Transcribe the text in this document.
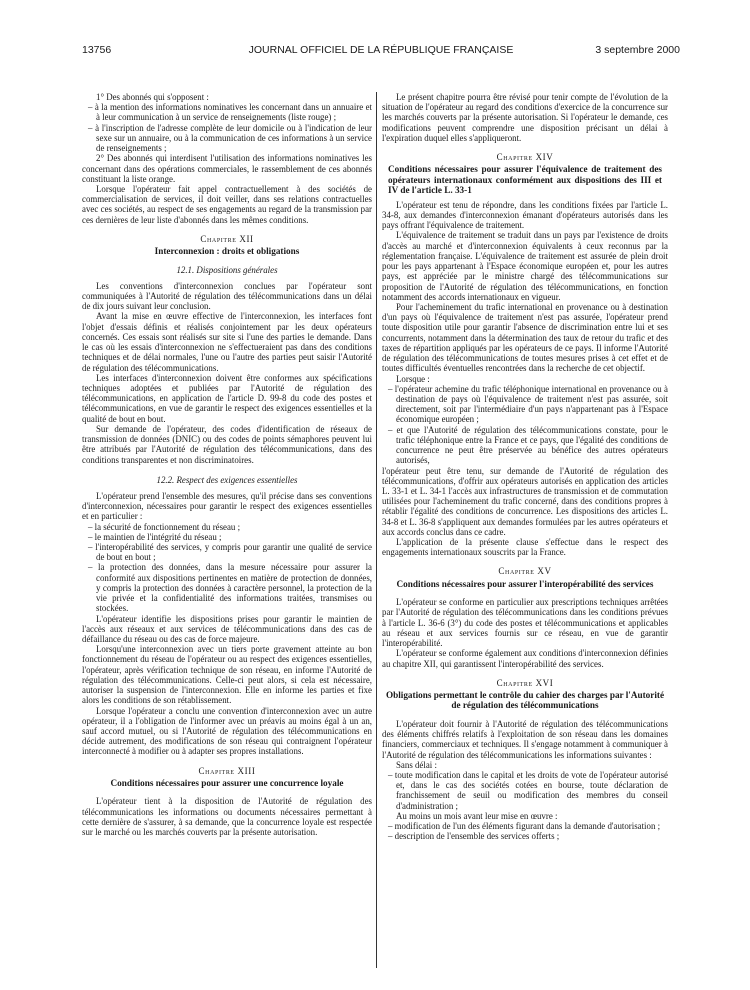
13756	JOURNAL OFFICIEL DE LA RÉPUBLIQUE FRANÇAISE	3 septembre 2000

1° Des abonnés qui s'opposent :

– à la mention des informations nominatives les concernant dans un annuaire et à leur communication à un service de renseignements (liste rouge) ;

– à l'inscription de l'adresse complète de leur domicile ou à l'indication de leur sexe sur un annuaire, ou à la communication de ces informations à un service de renseignements ;

2° Des abonnés qui interdisent l'utilisation des informations nominatives les concernant dans des opérations commerciales, le rassemblement de ces abonnés constituant la liste orange.

Lorsque l'opérateur fait appel contractuellement à des sociétés de commercialisation de services, il doit veiller, dans ses relations contractuelles avec ces sociétés, au respect de ses engagements au regard de la transmission par ces dernières de leur liste d'abonnés dans les mêmes conditions.

Chapitre XII

Interconnexion : droits et obligations

12.1. Dispositions générales

Les conventions d'interconnexion conclues par l'opérateur sont communiquées à l'Autorité de régulation des télécommunications dans un délai de dix jours suivant leur conclusion.

Avant la mise en œuvre effective de l'interconnexion, les interfaces font l'objet d'essais définis et réalisés conjointement par les deux opérateurs concernés. Ces essais sont réalisés sur site si l'une des parties le demande. Dans le cas où les essais d'interconnexion ne s'effectueraient pas dans des conditions techniques et de délai normales, l'une ou l'autre des parties peut saisir l'Autorité de régulation des télécommunications.

Les interfaces d'interconnexion doivent être conformes aux spécifications techniques adoptées et publiées par l'Autorité de régulation des télécommunications, en application de l'article D. 99-8 du code des postes et télécommunications, en vue de garantir le respect des exigences essentielles et la qualité de bout en bout.

Sur demande de l'opérateur, des codes d'identification de réseaux de transmission de données (DNIC) ou des codes de points sémaphores peuvent lui être attribués par l'Autorité de régulation des télécommunications, dans des conditions transparentes et non discriminatoires.

12.2. Respect des exigences essentielles

L'opérateur prend l'ensemble des mesures, qu'il précise dans ses conventions d'interconnexion, nécessaires pour garantir le respect des exigences essentielles et en particulier :

– la sécurité de fonctionnement du réseau ;

– le maintien de l'intégrité du réseau ;

– l'interopérabilité des services, y compris pour garantir une qualité de service de bout en bout ;

– la protection des données, dans la mesure nécessaire pour assurer la conformité aux dispositions pertinentes en matière de protection de données, y compris la protection des données à caractère personnel, la protection de la vie privée et la confidentialité des informations traitées, transmises ou stockées.

L'opérateur identifie les dispositions prises pour garantir le maintien de l'accès aux réseaux et aux services de télécommunications dans des cas de défaillance du réseau ou des cas de force majeure.

Lorsqu'une interconnexion avec un tiers porte gravement atteinte au bon fonctionnement du réseau de l'opérateur ou au respect des exigences essentielles, l'opérateur, après vérification technique de son réseau, en informe l'Autorité de régulation des télécommunications. Celle-ci peut alors, si cela est nécessaire, autoriser la suspension de l'interconnexion. Elle en informe les parties et fixe alors les conditions de son rétablissement.

Lorsque l'opérateur a conclu une convention d'interconnexion avec un autre opérateur, il a l'obligation de l'informer avec un préavis au moins égal à un an, sauf accord mutuel, ou si l'Autorité de régulation des télécommunications en décide autrement, des modifications de son réseau qui contraignent l'opérateur interconnecté à modifier ou à adapter ses propres installations.

Chapitre XIII

Conditions nécessaires pour assurer une concurrence loyale

L'opérateur tient à la disposition de l'Autorité de régulation des télécommunications les informations ou documents nécessaires permettant à cette dernière de s'assurer, à sa demande, que la concurrence loyale est respectée sur le marché ou les marchés couverts par la présente autorisation.

Le présent chapitre pourra être révisé pour tenir compte de l'évolution de la situation de l'opérateur au regard des conditions d'exercice de la concurrence sur les marchés couverts par la présente autorisation. Si l'opérateur le demande, ces modifications peuvent comprendre une disposition précisant un délai à l'expiration duquel elles s'appliqueront.

Chapitre XIV

Conditions nécessaires pour assurer l'équivalence de traitement des opérateurs internationaux conformément aux dispositions des III et IV de l'article L. 33-1

L'opérateur est tenu de répondre, dans les conditions fixées par l'article L. 34-8, aux demandes d'interconnexion émanant d'opérateurs autorisés dans les pays offrant l'équivalence de traitement.

L'équivalence de traitement se traduit dans un pays par l'existence de droits d'accès au marché et d'interconnexion équivalents à ceux reconnus par la réglementation française. L'équivalence de traitement est assurée de plein droit pour les pays appartenant à l'Espace économique européen et, pour les autres pays, est appréciée par le ministre chargé des télécommunications sur proposition de l'Autorité de régulation des télécommunications, en fonction notamment des accords internationaux en vigueur.

Pour l'acheminement du trafic international en provenance ou à destination d'un pays où l'équivalence de traitement n'est pas assurée, l'opérateur prend toute disposition utile pour garantir l'absence de discrimination entre lui et ses concurrents, notamment dans la détermination des taux de retour du trafic et des taxes de répartition appliqués par les opérateurs de ce pays. Il informe l'Autorité de régulation des télécommunications de toutes mesures prises à cet effet et de toutes difficultés éventuelles rencontrées dans la recherche de cet objectif.

Lorsque :

– l'opérateur achemine du trafic téléphonique international en provenance ou à destination de pays où l'équivalence de traitement n'est pas assurée, soit directement, soit par l'intermédiaire d'un pays n'appartenant pas à l'Espace économique européen ;

– et que l'Autorité de régulation des télécommunications constate, pour le trafic téléphonique entre la France et ce pays, que l'égalité des conditions de concurrence ne peut être préservée au bénéfice des autres opérateurs autorisés,

l'opérateur peut être tenu, sur demande de l'Autorité de régulation des télécommunications, d'offrir aux opérateurs autorisés en application des articles L. 33-1 et L. 34-1 l'accès aux infrastructures de transmission et de commutation utilisées pour l'acheminement du trafic concerné, dans des conditions propres à rétablir l'égalité des conditions de concurrence. Les dispositions des articles L. 34-8 et L. 36-8 s'appliquent aux demandes formulées par les autres opérateurs et aux accords conclus dans ce cadre.

L'application de la présente clause s'effectue dans le respect des engagements internationaux souscrits par la France.

Chapitre XV

Conditions nécessaires pour assurer l'interopérabilité des services

L'opérateur se conforme en particulier aux prescriptions techniques arrêtées par l'Autorité de régulation des télécommunications dans les conditions prévues à l'article L. 36-6 (3°) du code des postes et télécommunications et applicables au réseau et aux services fournis sur ce réseau, en vue de garantir l'interopérabilité.

L'opérateur se conforme également aux conditions d'interconnexion définies au chapitre XII, qui garantissent l'interopérabilité des services.

Chapitre XVI

Obligations permettant le contrôle du cahier des charges par l'Autorité de régulation des télécommunications

L'opérateur doit fournir à l'Autorité de régulation des télécommunications des éléments chiffrés relatifs à l'exploitation de son réseau dans les domaines financiers, commerciaux et techniques. Il s'engage notamment à communiquer à l'Autorité de régulation des télécommunications les informations suivantes :

Sans délai :

– toute modification dans le capital et les droits de vote de l'opérateur autorisé et, dans le cas des sociétés cotées en bourse, toute déclaration de franchissement de seuil ou modification des membres du conseil d'administration ;

Au moins un mois avant leur mise en œuvre :

– modification de l'un des éléments figurant dans la demande d'autorisation ;

– description de l'ensemble des services offerts ;
